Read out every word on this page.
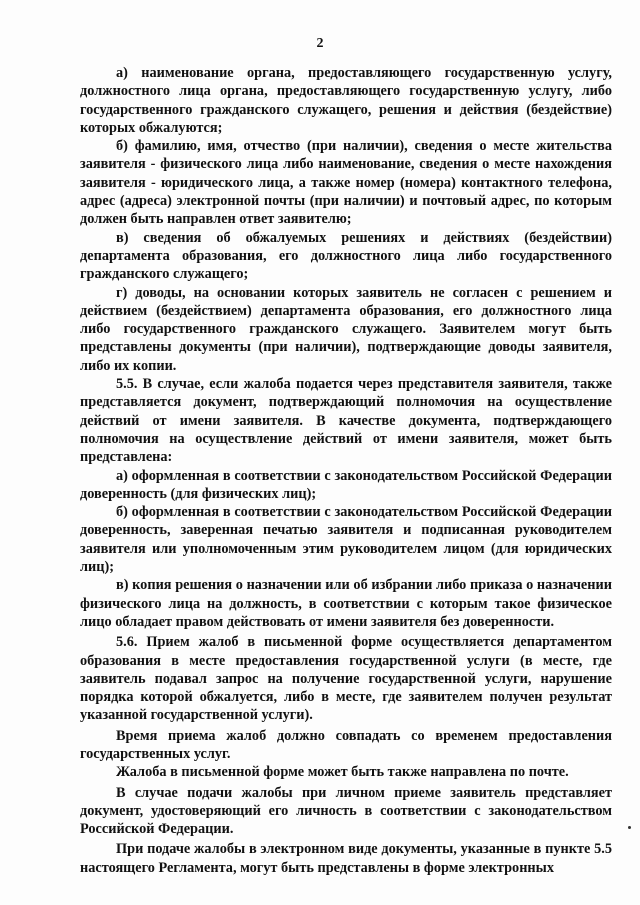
2

а) наименование органа, предоставляющего государственную услугу, должностного лица органа, предоставляющего государственную услугу, либо государственного гражданского служащего, решения и действия (бездействие) которых обжалуются;

б) фамилию, имя, отчество (при наличии), сведения о месте жительства заявителя - физического лица либо наименование, сведения о месте нахождения заявителя - юридического лица, а также номер (номера) контактного телефона, адрес (адреса) электронной почты (при наличии) и почтовый адрес, по которым должен быть направлен ответ заявителю;

в) сведения об обжалуемых решениях и действиях (бездействии) департамента образования, его должностного лица либо государственного гражданского служащего;

г) доводы, на основании которых заявитель не согласен с решением и действием (бездействием) департамента образования, его должностного лица либо государственного гражданского служащего. Заявителем могут быть представлены документы (при наличии), подтверждающие доводы заявителя, либо их копии.

5.5. В случае, если жалоба подается через представителя заявителя, также представляется документ, подтверждающий полномочия на осуществление действий от имени заявителя. В качестве документа, подтверждающего полномочия на осуществление действий от имени заявителя, может быть представлена:

а) оформленная в соответствии с законодательством Российской Федерации доверенность (для физических лиц);

б) оформленная в соответствии с законодательством Российской Федерации доверенность, заверенная печатью заявителя и подписанная руководителем заявителя или уполномоченным этим руководителем лицом (для юридических лиц);

в) копия решения о назначении или об избрании либо приказа о назначении физического лица на должность, в соответствии с которым такое физическое лицо обладает правом действовать от имени заявителя без доверенности.

5.6. Прием жалоб в письменной форме осуществляется департаментом образования в месте предоставления государственной услуги (в месте, где заявитель подавал запрос на получение государственной услуги, нарушение порядка которой обжалуется, либо в месте, где заявителем получен результат указанной государственной услуги).

Время приема жалоб должно совпадать со временем предоставления государственных услуг.

Жалоба в письменной форме может быть также направлена по почте.

В случае подачи жалобы при личном приеме заявитель представляет документ, удостоверяющий его личность в соответствии с законодательством Российской Федерации.

При подаче жалобы в электронном виде документы, указанные в пункте 5.5 настоящего Регламента, могут быть представлены в форме электронных
